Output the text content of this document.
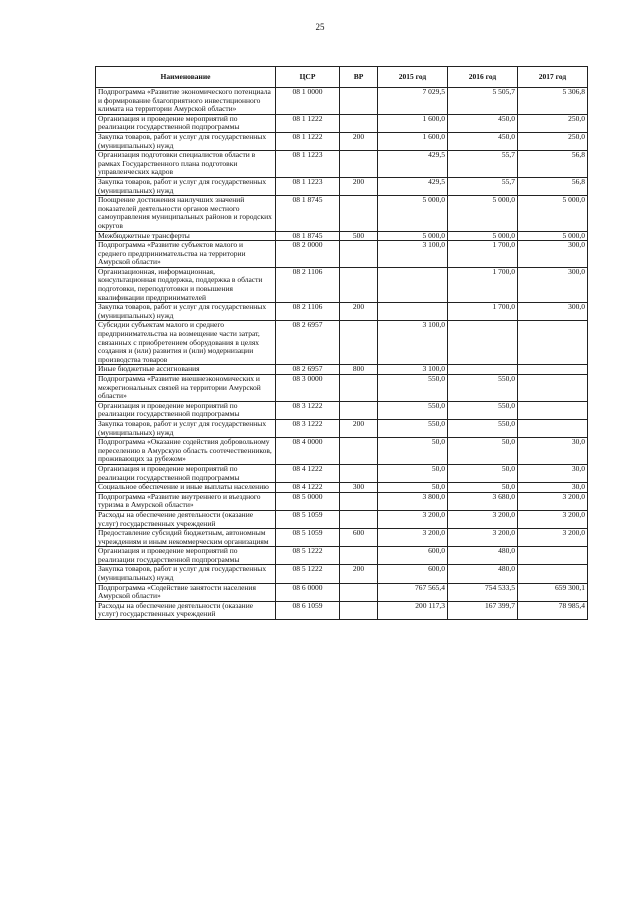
25
Наименование	ЦСР	ВР	2015 год	2016 год	2017 год
Подпрограмма «Развитие экономического потенциала и формирование благоприятного инвестиционного климата на территории Амурской области»	08 1 0000		7 029,5	5 505,7	5 306,8
Организация и проведение мероприятий по реализации государственной подпрограммы	08 1 1222		1 600,0	450,0	250,0
Закупка товаров, работ и услуг для государственных (муниципальных) нужд	08 1 1222	200	1 600,0	450,0	250,0
Организация подготовки специалистов области в рамках Государственного плана подготовки управленческих кадров	08 1 1223		429,5	55,7	56,8
Закупка товаров, работ и услуг для государственных (муниципальных) нужд	08 1 1223	200	429,5	55,7	56,8
Поощрение достижения наилучших значений показателей деятельности органов местного самоуправления муниципальных районов и городских округов	08 1 8745		5 000,0	5 000,0	5 000,0
Межбюджетные трансферты	08 1 8745	500	5 000,0	5 000,0	5 000,0
Подпрограмма «Развитие субъектов малого и среднего предпринимательства на территории Амурской области»	08 2 0000		3 100,0	1 700,0	300,0
Организационная, информационная, консультационная поддержка, поддержка в области подготовки, переподготовки и повышения квалификации предпринимателей	08 2 1106			1 700,0	300,0
Закупка товаров, работ и услуг для государственных (муниципальных) нужд	08 2 1106	200		1 700,0	300,0
Субсидии субъектам малого и среднего предпринимательства на возмещение части затрат, связанных с приобретением оборудования в целях создания и (или) развития и (или) модернизации производства товаров	08 2 6957		3 100,0		
Иные бюджетные ассигнования	08 2 6957	800	3 100,0		
Подпрограмма «Развитие внешнеэкономических и межрегиональных связей на территории Амурской области»	08 3 0000		550,0	550,0	
Организация и проведение мероприятий по реализации государственной подпрограммы	08 3 1222		550,0	550,0	
Закупка товаров, работ и услуг для государственных (муниципальных) нужд	08 3 1222	200	550,0	550,0	
Подпрограмма «Оказание содействия добровольному переселению в Амурскую область соотечественников, проживающих за рубежом»	08 4 0000		50,0	50,0	30,0
Организация и проведение мероприятий по реализации государственной подпрограммы	08 4 1222		50,0	50,0	30,0
Социальное обеспечение и иные выплаты населению	08 4 1222	300	50,0	50,0	30,0
Подпрограмма «Развитие внутреннего и въездного туризма в Амурской области»	08 5 0000		3 800,0	3 680,0	3 200,0
Расходы на обеспечение деятельности (оказание услуг) государственных учреждений	08 5 1059		3 200,0	3 200,0	3 200,0
Предоставление субсидий бюджетным, автономным учреждениям и иным некоммерческим организациям	08 5 1059	600	3 200,0	3 200,0	3 200,0
Организация и проведение мероприятий по реализации государственной подпрограммы	08 5 1222		600,0	480,0	
Закупка товаров, работ и услуг для государственных (муниципальных) нужд	08 5 1222	200	600,0	480,0	
Подпрограмма «Содействие занятости населения Амурской области»	08 6 0000		767 565,4	754 533,5	659 300,1
Расходы на обеспечение деятельности (оказание услуг) государственных учреждений	08 6 1059		200 117,3	167 399,7	78 985,4
